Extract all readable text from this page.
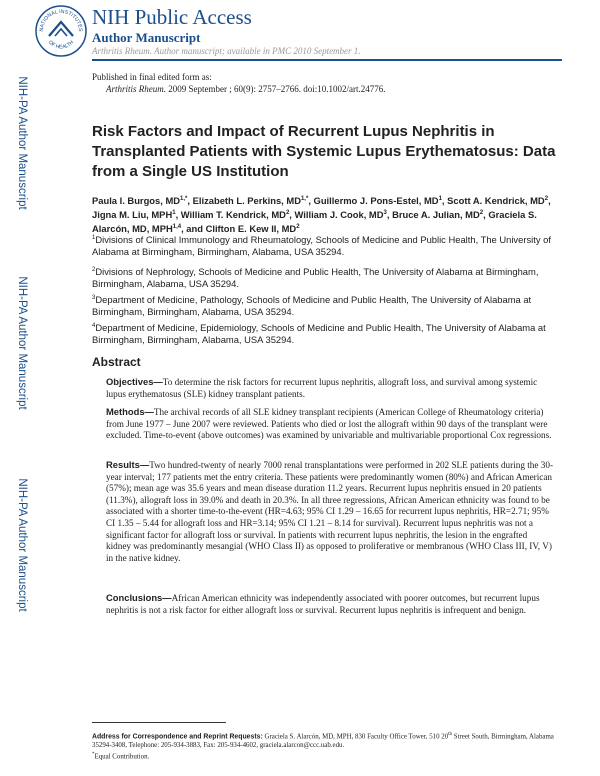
NIH-PA Author Manuscript
NIH-PA Author Manuscript
NIH-PA Author Manuscript
NATIONAL INSTITUTES
OF HEALTH
NIH Public Access
Author Manuscript
Arthritis Rheum. Author manuscript; available in PMC 2010 September 1.
Published in final edited form as:
Arthritis Rheum. 2009 September ; 60(9): 2757–2766. doi:10.1002/art.24776.
Risk Factors and Impact of Recurrent Lupus Nephritis in Transplanted Patients with Systemic Lupus Erythematosus: Data from a Single US Institution
Paula I. Burgos, $MD^{1,*}$, Elizabeth L. Perkins, $MD^{1,*}$, Guillermo J. Pons-Estel, $MD^1$, Scott A. Kendrick, $MD^2$, Jigna M. Liu, MPH$^1$, William T. Kendrick, $MD^2$, William J. Cook, $MD^3$, Bruce A. Julian, $MD^2$, Graciela S. Alarcón, MD, MPH$^{1,4}$, and Clifton E. Kew II, $MD^2$
$^1$Divisions of Clinical Immunology and Rheumatology, Schools of Medicine and Public Health, The University of Alabama at Birmingham, Birmingham, Alabama, USA 35294.
$^2$Divisions of Nephrology, Schools of Medicine and Public Health, The University of Alabama at Birmingham, Birmingham, Alabama, USA 35294.
$^3$Department of Medicine, Pathology, Schools of Medicine and Public Health, The University of Alabama at Birmingham, Birmingham, Alabama, USA 35294.
$^4$Department of Medicine, Epidemiology, Schools of Medicine and Public Health, The University of Alabama at Birmingham, Birmingham, Alabama, USA 35294.
Abstract
Objectives—To determine the risk factors for recurrent lupus nephritis, allograft loss, and survival among systemic lupus erythematosus (SLE) kidney transplant patients.
Methods—The archival records of all SLE kidney transplant recipients (American College of Rheumatology criteria) from June 1977 – June 2007 were reviewed. Patients who died or lost the allograft within 90 days of the transplant were excluded. Time-to-event (above outcomes) was examined by univariable and multivariable proportional Cox regressions.
Results—Two hundred-twenty of nearly 7000 renal transplantations were performed in 202 SLE patients during the 30-year interval; 177 patients met the entry criteria. These patients were predominantly women (80%) and African American (57%); mean age was 35.6 years and mean disease duration 11.2 years. Recurrent lupus nephritis ensued in 20 patients (11.3%), allograft loss in 39.0% and death in 20.3%. In all three regressions, African American ethnicity was found to be associated with a shorter time-to-the-event (HR=4.63; 95% CI 1.29 – 16.65 for recurrent lupus nephritis, HR=2.71; 95% CI 1.35 – 5.44 for allograft loss and HR=3.14; 95% CI 1.21 – 8.14 for survival). Recurrent lupus nephritis was not a significant factor for allograft loss or survival. In patients with recurrent lupus nephritis, the lesion in the engrafted kidney was predominantly mesangial (WHO Class II) as opposed to proliferative or membranous (WHO Class III, IV, V) in the native kidney.
Conclusions—African American ethnicity was independently associated with poorer outcomes, but recurrent lupus nephritis is not a risk factor for either allograft loss or survival. Recurrent lupus nephritis is infrequent and benign.
Address for Correspondence and Reprint Requests: Graciela S. Alarcón, MD, MPH, 830 Faculty Office Tower, 510 20th Street South, Birmingham, Alabama 35294-3408, Telephone: 205-934-3883, Fax: 205-934-4602, graciela.alarcon@ccc.uab.edu.
*Equal Contribution.
